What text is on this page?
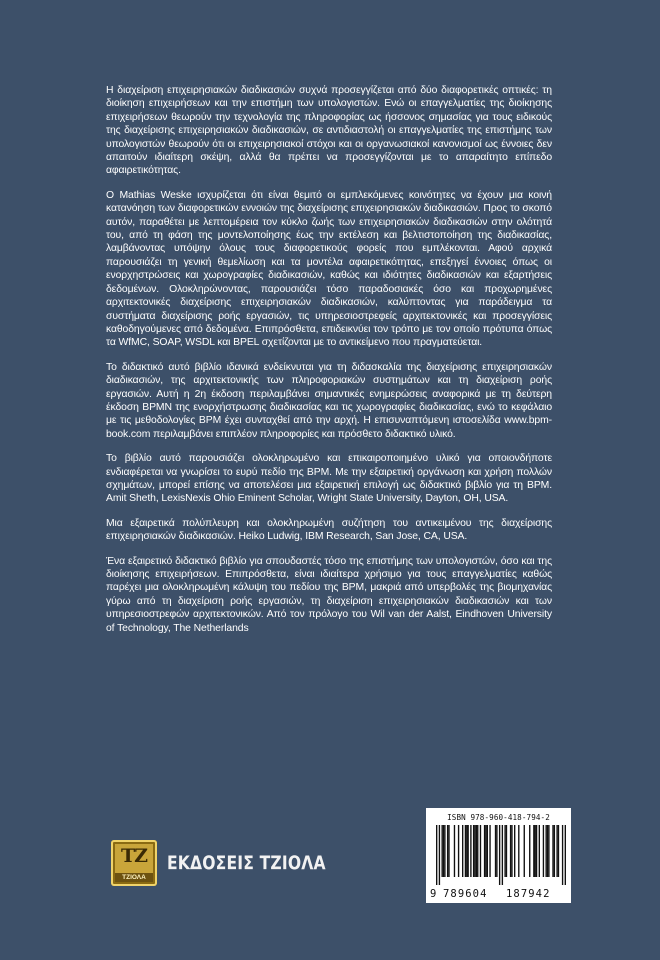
Η διαχείριση επιχειρησιακών διαδικασιών συχνά προσεγγίζεται από δύο διαφορετικές οπτικές: τη διοίκηση επιχειρήσεων και την επιστήμη των υπολογιστών. Ενώ οι επαγγελματίες της διοίκησης επιχειρήσεων θεωρούν την τεχνολογία της πληροφορίας ως ήσσονος σημασίας για τους ειδικούς της διαχείρισης επιχειρησιακών διαδικασιών, σε αντιδιαστολή οι επαγγελματίες της επιστήμης των υπολογιστών θεωρούν ότι οι επιχειρησιακοί στόχοι και οι οργανωσιακοί κανονισμοί ως έννοιες δεν απαιτούν ιδιαίτερη σκέψη, αλλά θα πρέπει να προσεγγίζονται με το απαραίτητο επίπεδο αφαιρετικότητας.

Ο Mathias Weske ισχυρίζεται ότι είναι θεμιτό οι εμπλεκόμενες κοινότητες να έχουν μια κοινή κατανόηση των διαφορετικών εννοιών της διαχείρισης επιχειρησιακών διαδικασιών. Προς το σκοπό αυτόν, παραθέτει με λεπτομέρεια τον κύκλο ζωής των επιχειρησιακών διαδικασιών στην ολότητά του, από τη φάση της μοντελοποίησης έως την εκτέλεση και βελτιστοποίηση της διαδικασίας, λαμβάνοντας υπόψην όλους τους διαφορετικούς φορείς που εμπλέκονται. Αφού αρχικά παρουσιάζει τη γενική θεμελίωση και τα μοντέλα αφαιρετικότητας, επεξηγεί έννοιες όπως οι ενορχηστρώσεις και χωρογραφίες διαδικασιών, καθώς και ιδιότητες διαδικασιών και εξαρτήσεις δεδομένων. Ολοκληρώνοντας, παρουσιάζει τόσο παραδοσιακές όσο και προχωρημένες αρχιτεκτονικές διαχείρισης επιχειρησιακών διαδικασιών, καλύπτοντας για παράδειγμα τα συστήματα διαχείρισης ροής εργασιών, τις υπηρεσιοστρεφείς αρχιτεκτονικές και προσεγγίσεις καθοδηγούμενες από δεδομένα. Επιπρόσθετα, επιδεικνύει τον τρόπο με τον οποίο πρότυπα όπως τα WfMC, SOAP, WSDL και BPEL σχετίζονται με το αντικείμενο που πραγματεύεται.

Το διδακτικό αυτό βιβλίο ιδανικά ενδείκνυται για τη διδασκαλία της διαχείρισης επιχειρησιακών διαδικασιών, της αρχιτεκτονικής των πληροφοριακών συστημάτων και τη διαχείριση ροής εργασιών. Αυτή η 2η έκδοση περιλαμβάνει σημαντικές ενημερώσεις αναφορικά με τη δεύτερη έκδοση BPMN της ενορχήστρωσης διαδικασίας και τις χωρογραφίες διαδικασίας, ενώ το κεφάλαιο με τις μεθοδολογίες BPM έχει συνταχθεί από την αρχή. Η επισυναπτόμενη ιστοσελίδα www.bpm-book.com περιλαμβάνει επιπλέον πληροφορίες και πρόσθετο διδακτικό υλικό.

Το βιβλίο αυτό παρουσιάζει ολοκληρωμένο και επικαιροποιημένο υλικό για οποιονδήποτε ενδιαφέρεται να γνωρίσει το ευρύ πεδίο της BPM. Με την εξαιρετική οργάνωση και χρήση πολλών σχημάτων, μπορεί επίσης να αποτελέσει μια εξαιρετική επιλογή ως διδακτικό βιβλίο για τη BPM. Amit Sheth, LexisNexis Ohio Eminent Scholar, Wright State University, Dayton, OH, USA.

Μια εξαιρετικά πολύπλευρη και ολοκληρωμένη συζήτηση του αντικειμένου της διαχείρισης επιχειρησιακών διαδικασιών. Heiko Ludwig, IBM Research, San Jose, CA, USA.

Ένα εξαιρετικό διδακτικό βιβλίο για σπουδαστές τόσο της επιστήμης των υπολογιστών, όσο και της διοίκησης επιχειρήσεων. Επιπρόσθετα, είναι ιδιαίτερα χρήσιμο για τους επαγγελματίες καθώς παρέχει μια ολοκληρωμένη κάλυψη του πεδίου της BPM, μακριά από υπερβολές της βιομηχανίας γύρω από τη διαχείριση ροής εργασιών, τη διαχείριση επιχειρησιακών διαδικασιών και των υπηρεσιοστρεφών αρχιτεκτονικών. Από τον πρόλογο του Wil van der Aalst, Eindhoven University of Technology, The Netherlands

ΤΖ
ΤΖΙΟΛΑ
ΕΚΔΟΣΕΙΣ ΤΖΙΟΛΑ
ISBN 978-960-418-794-2
9 789604 187942
